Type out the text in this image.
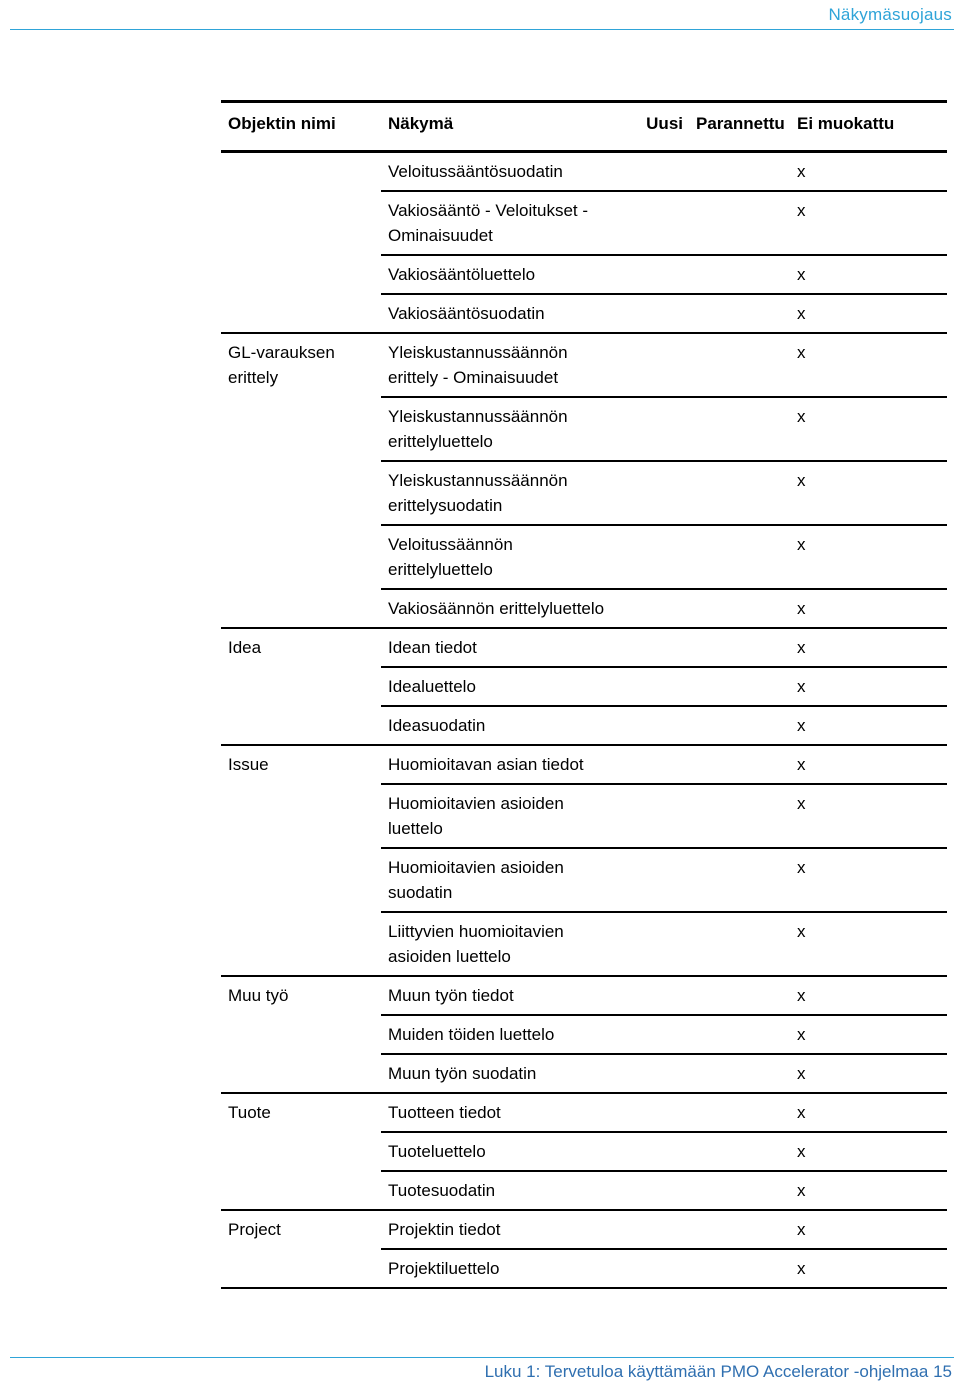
Näkymäsuojaus
Objektin nimi	Näkymä	Uusi	Parannettu	Ei muokattu
	Veloitussääntösuodatin			x
	Vakiosääntö - Veloitukset - Ominaisuudet			x
	Vakiosääntöluettelo			x
	Vakiosääntösuodatin			x
GL-varauksen erittely	Yleiskustannussäännön erittely - Ominaisuudet			x
	Yleiskustannussäännön erittelyluettelo			x
	Yleiskustannussäännön erittelysuodatin			x
	Veloitussäännön erittelyluettelo			x
	Vakiosäännön erittelyluettelo			x
Idea	Idean tiedot			x
	Idealuettelo			x
	Ideasuodatin			x
Issue	Huomioitavan asian tiedot			x
	Huomioitavien asioiden luettelo			x
	Huomioitavien asioiden suodatin			x
	Liittyvien huomioitavien asioiden luettelo			x
Muu työ	Muun työn tiedot			x
	Muiden töiden luettelo			x
	Muun työn suodatin			x
Tuote	Tuotteen tiedot			x
	Tuoteluettelo			x
	Tuotesuodatin			x
Project	Projektin tiedot			x
	Projektiluettelo			x
Luku 1: Tervetuloa käyttämään PMO Accelerator -ohjelmaa 15
